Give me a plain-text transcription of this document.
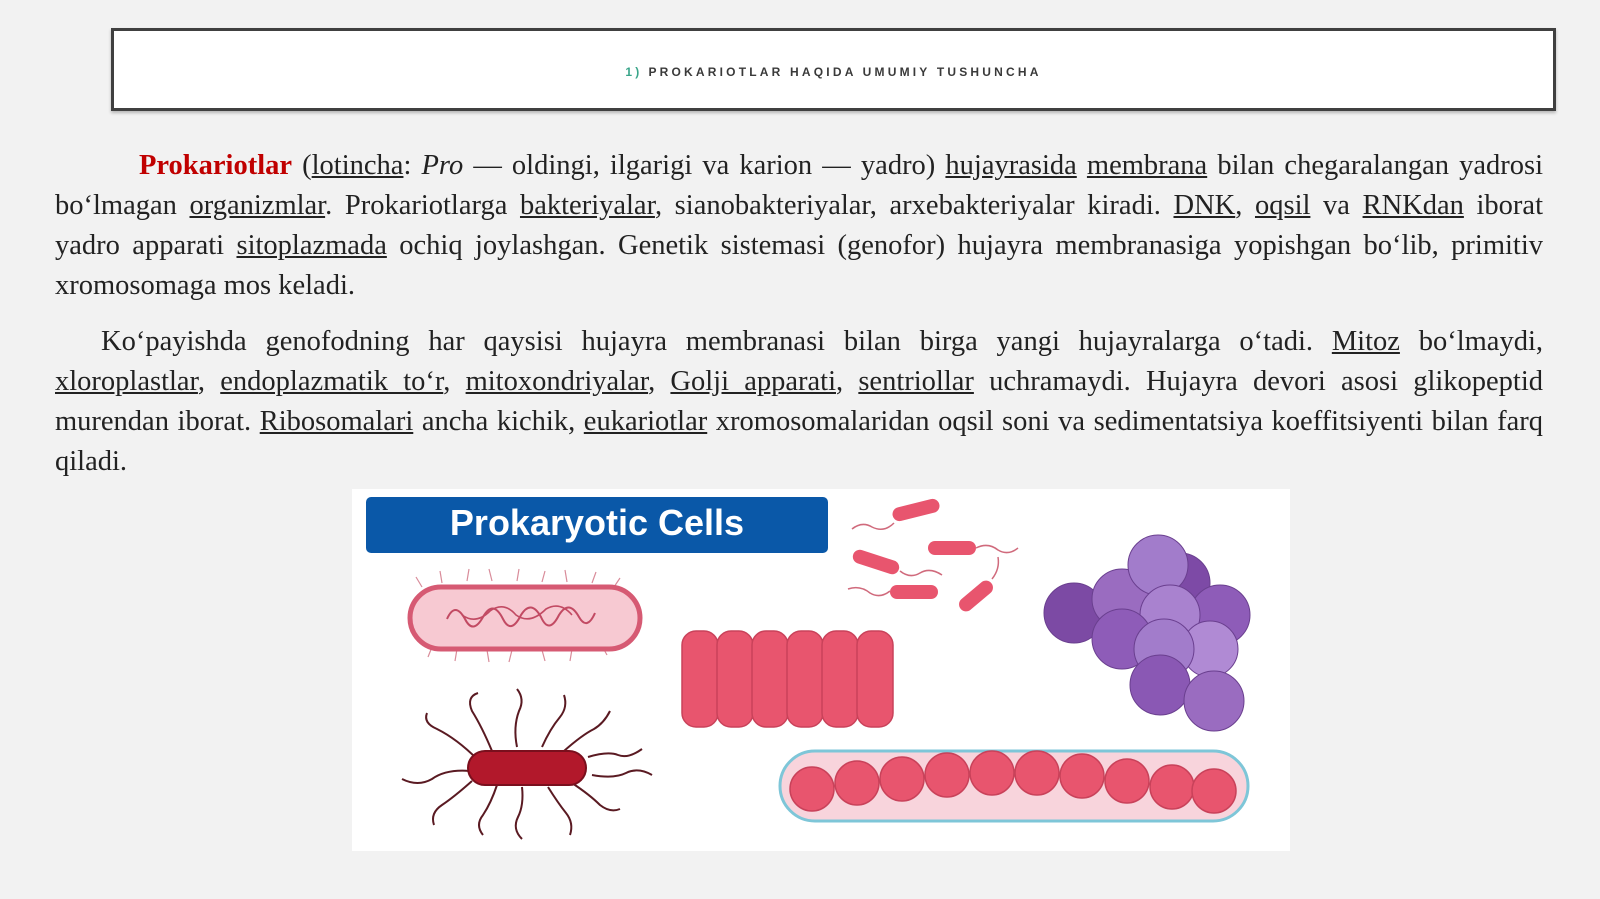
1) PROKARIOTLAR HAQIDA UMUMIY TUSHUNCHA

Prokariotlar (lotincha: Pro — oldingi, ilgarigi va karion — yadro) hujayrasida membrana bilan chegaralangan yadrosi bo‘lmagan organizmlar. Prokariotlarga bakteriyalar, sianobakteriyalar, arxebakteriyalar kiradi. DNK, oqsil va RNKdan iborat yadro apparati sitoplazmada ochiq joylashgan. Genetik sistemasi (genofor) hujayra membranasiga yopishgan bo‘lib, primitiv xromosomaga mos keladi.

Ko‘payishda genofodning har qaysisi hujayra membranasi bilan birga yangi hujayralarga o‘tadi. Mitoz bo‘lmaydi, xloroplastlar, endoplazmatik to‘r, mitoxondriyalar, Golji apparati, sentriollar uchramaydi. Hujayra devori asosi glikopeptid murendan iborat. Ribosomalari ancha kichik, eukariotlar xromosomalaridan oqsil soni va sedimentatsiya koeffitsiyenti bilan farq qiladi.

Prokaryotic Cells
